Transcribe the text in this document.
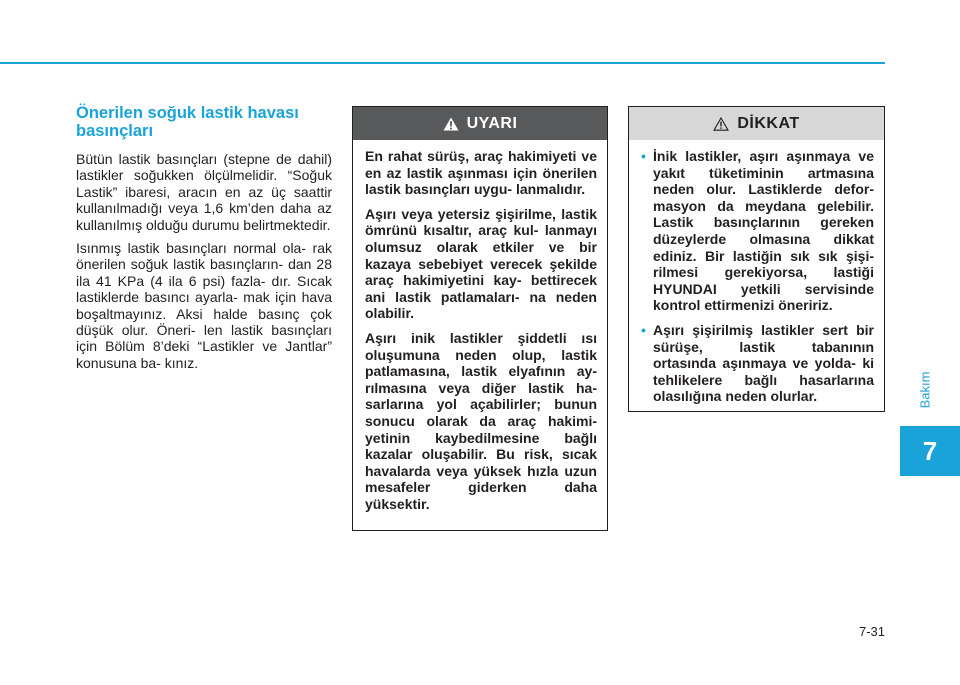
Önerilen soğuk lastik havası basınçları

Bütün lastik basınçları (stepne de dahil) lastikler soğukken ölçülmelidir. “Soğuk Lastik” ibaresi, aracın en az üç saattir kullanılmadığı veya 1,6 km’den daha az kullanılmış olduğu durumu belirtmektedir.

Isınmış lastik basınçları normal ola- rak önerilen soğuk lastik basınçların- dan 28 ila 41 KPa (4 ila 6 psi) fazla- dır. Sıcak lastiklerde basıncı ayarla- mak için hava boşaltmayınız. Aksi halde basınç çok düşük olur. Öneri- len lastik basınçları için Bölüm 8’deki “Lastikler ve Jantlar” konusuna ba- kınız.

UYARI

En rahat sürüş, araç hakimiyeti ve en az lastik aşınması için önerilen lastik basınçları uygu- lanmalıdır.

Aşırı veya yetersiz şişirilme, lastik ömrünü kısaltır, araç kul- lanmayı olumsuz olarak etkiler ve bir kazaya sebebiyet verecek şekilde araç hakimiyetini kay- bettirecek ani lastik patlamaları- na neden olabilir.

Aşırı inik lastikler şiddetli ısı oluşumuna neden olup, lastik patlamasına, lastik elyafının ay- rılmasına veya diğer lastik ha- sarlarına yol açabilirler; bunun sonucu olarak da araç hakimi- yetinin kaybedilmesine bağlı kazalar oluşabilir. Bu risk, sıcak havalarda veya yüksek hızla uzun mesafeler giderken daha yüksektir.

DİKKAT
• İnik lastikler, aşırı aşınmaya ve yakıt tüketiminin artmasına neden olur. Lastiklerde defor- masyon da meydana gelebilir. Lastik basınçlarının gereken düzeylerde olmasına dikkat ediniz. Bir lastiğin sık sık şişi- rilmesi gerekiyorsa, lastiği HYUNDAI yetkili servisinde kontrol ettirmenizi öneririz.
• Aşırı şişirilmiş lastikler sert bir sürüşe, lastik tabanının ortasında aşınmaya ve yolda- ki tehlikelere bağlı hasarlarına olasılığına neden olurlar.	Bakım
7
7-31
